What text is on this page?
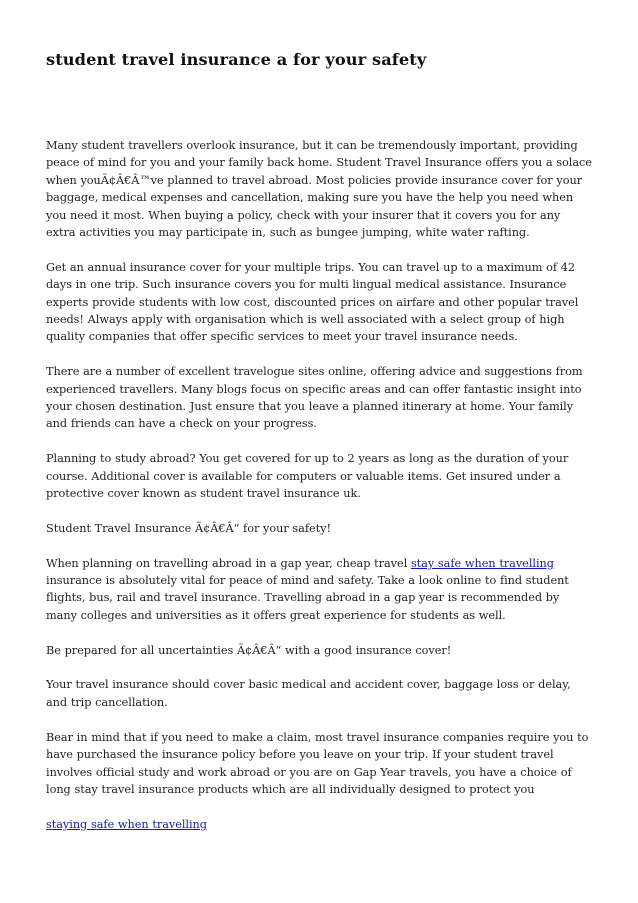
student travel insurance a for your safety

Many student travellers overlook insurance, but it can be tremendously important, providing peace of mind for you and your family back home. Student Travel Insurance offers you a solace when youÃ¢Â€Â™ve planned to travel abroad. Most policies provide insurance cover for your baggage, medical expenses and cancellation, making sure you have the help you need when you need it most. When buying a policy, check with your insurer that it covers you for any extra activities you may participate in, such as bungee jumping, white water rafting.

Get an annual insurance cover for your multiple trips. You can travel up to a maximum of 42 days in one trip. Such insurance covers you for multi lingual medical assistance. Insurance experts provide students with low cost, discounted prices on airfare and other popular travel needs! Always apply with organisation which is well associated with a select group of high quality companies that offer specific services to meet your travel insurance needs.

There are a number of excellent travelogue sites online, offering advice and suggestions from experienced travellers. Many blogs focus on specific areas and can offer fantastic insight into your chosen destination. Just ensure that you leave a planned itinerary at home. Your family and friends can have a check on your progress.

Planning to study abroad? You get covered for up to 2 years as long as the duration of your course. Additional cover is available for computers or valuable items. Get insured under a protective cover known as student travel insurance uk.

Student Travel Insurance Ã¢Â€Â“ for your safety!

When planning on travelling abroad in a gap year, cheap travel stay safe when travelling insurance is absolutely vital for peace of mind and safety. Take a look online to find student flights, bus, rail and travel insurance. Travelling abroad in a gap year is recommended by many colleges and universities as it offers great experience for students as well.

Be prepared for all uncertainties Ã¢Â€Â“ with a good insurance cover!

Your travel insurance should cover basic medical and accident cover, baggage loss or delay, and trip cancellation.

Bear in mind that if you need to make a claim, most travel insurance companies require you to have purchased the insurance policy before you leave on your trip. If your student travel involves official study and work abroad or you are on Gap Year travels, you have a choice of long stay travel insurance products which are all individually designed to protect you

staying safe when travelling
